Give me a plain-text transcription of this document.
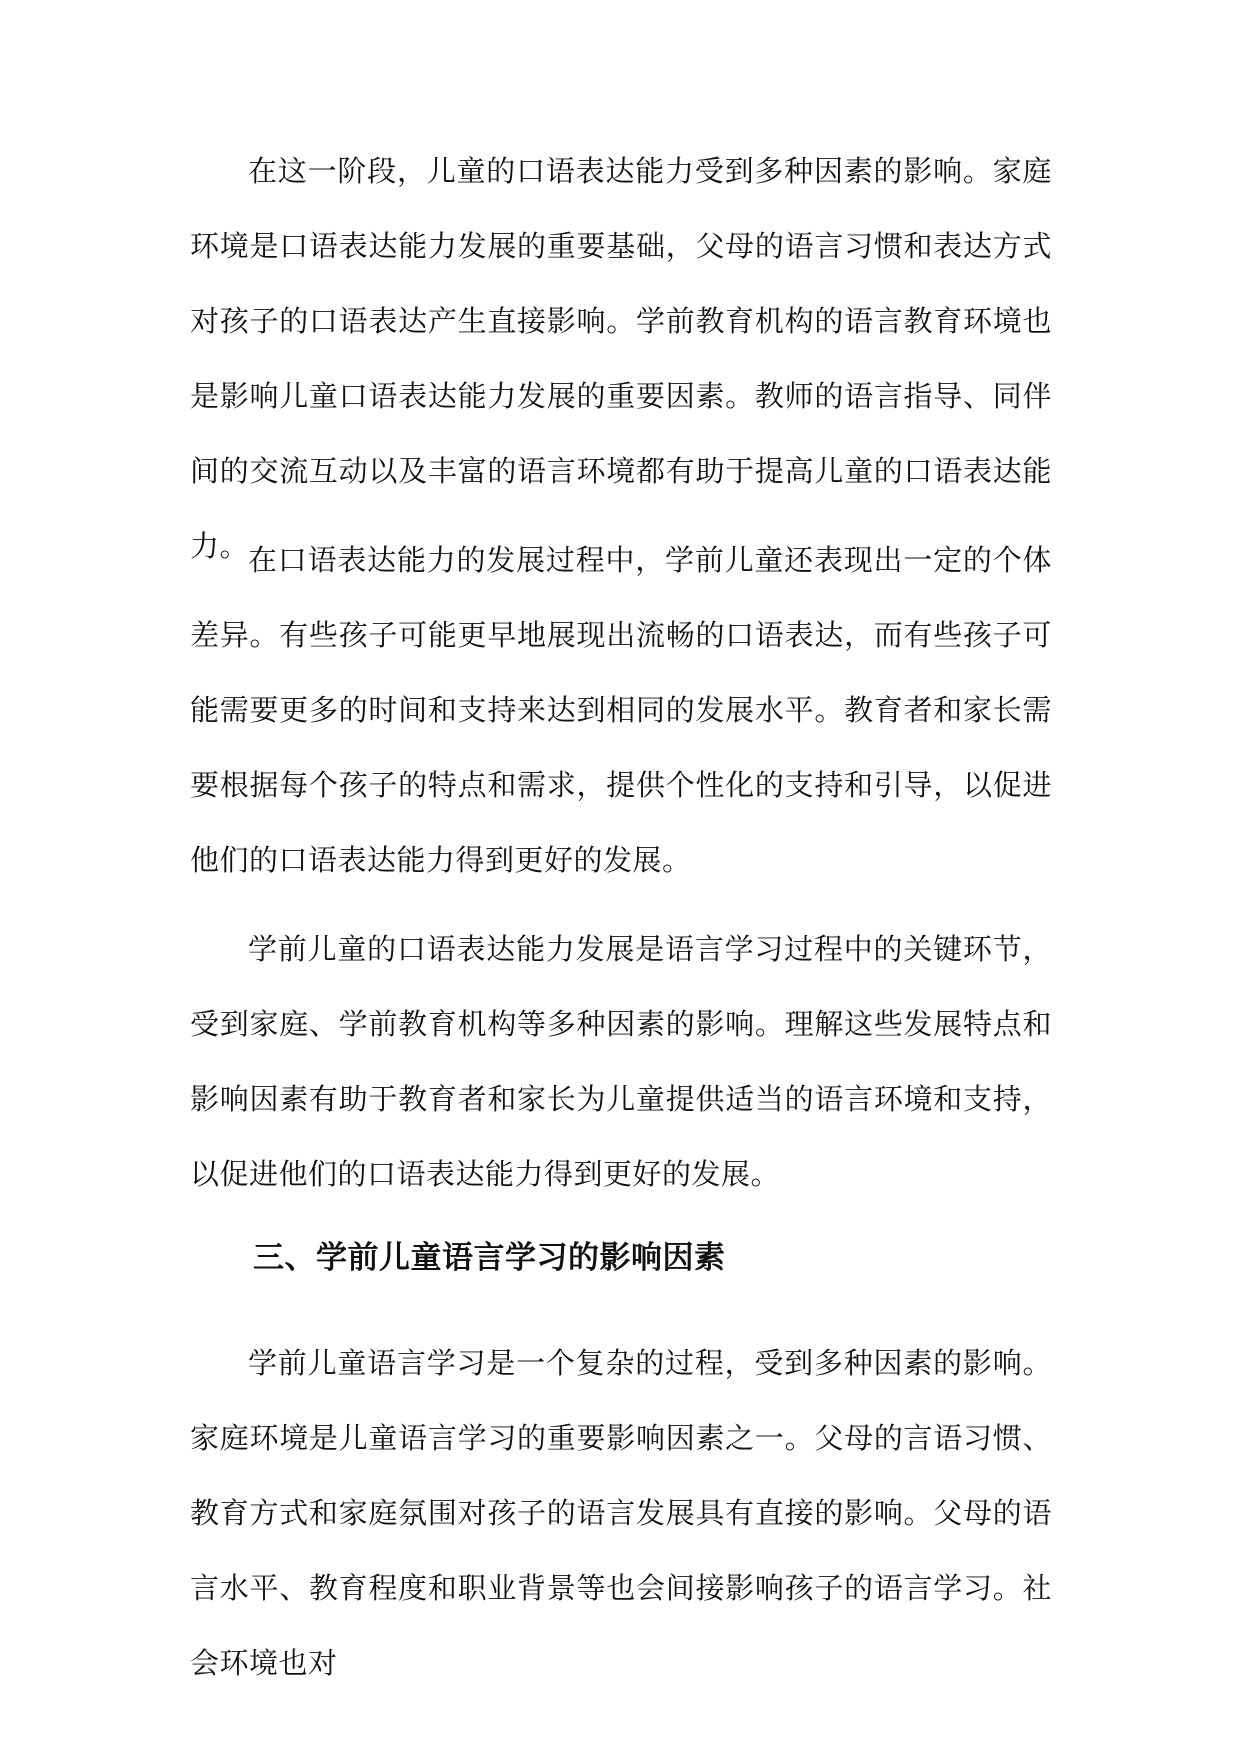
在这一阶段，儿童的口语表达能力受到多种因素的影响。家庭环境是口语表达能力发展的重要基础，父母的语言习惯和表达方式对孩子的口语表达产生直接影响。学前教育机构的语言教育环境也是影响儿童口语表达能力发展的重要因素。教师的语言指导、同伴间的交流互动以及丰富的语言环境都有助于提高儿童的口语表达能力。

在口语表达能力的发展过程中，学前儿童还表现出一定的个体差异。有些孩子可能更早地展现出流畅的口语表达，而有些孩子可能需要更多的时间和支持来达到相同的发展水平。教育者和家长需要根据每个孩子的特点和需求，提供个性化的支持和引导，以促进他们的口语表达能力得到更好的发展。

学前儿童的口语表达能力发展是语言学习过程中的关键环节，受到家庭、学前教育机构等多种因素的影响。理解这些发展特点和影响因素有助于教育者和家长为儿童提供适当的语言环境和支持，以促进他们的口语表达能力得到更好的发展。

三、学前儿童语言学习的影响因素

学前儿童语言学习是一个复杂的过程，受到多种因素的影响。家庭环境是儿童语言学习的重要影响因素之一。父母的言语习惯、教育方式和家庭氛围对孩子的语言发展具有直接的影响。父母的语言水平、教育程度和职业背景等也会间接影响孩子的语言学习。社会环境也对
